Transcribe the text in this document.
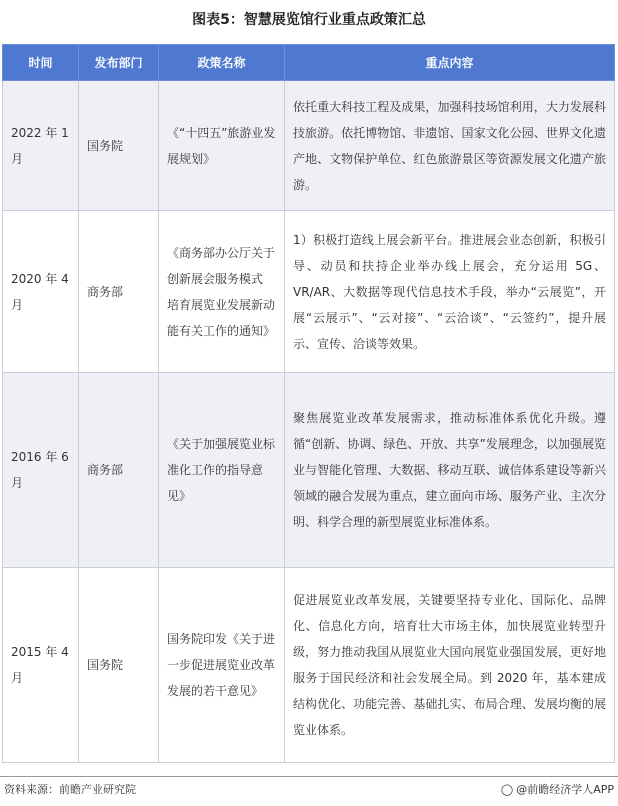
图表5：智慧展览馆行业重点政策汇总
时间	发布部门	政策名称	重点内容
2022 年 1 月	国务院	《“十四五”旅游业发展规划》	依托重大科技工程及成果，加强科技场馆利用，大力发展科技旅游。依托博物馆、非遗馆、国家文化公园、世界文化遗产地、文物保护单位、红色旅游景区等资源发展文化遗产旅游。
2020 年 4 月	商务部	《商务部办公厅关于创新展会服务模式 培育展览业发展新动能有关工作的通知》	1）积极打造线上展会新平台。推进展会业态创新，积极引导、动员和扶持企业举办线上展会，充分运用 5G、VR/AR、大数据等现代信息技术手段，举办“云展览”，开展“云展示”、“云对接”、“云洽谈”、“云签约”，提升展示、宣传、洽谈等效果。
2016 年 6 月	商务部	《关于加强展览业标准化工作的指导意见》	聚焦展览业改革发展需求，推动标准体系优化升级。遵循“创新、协调、绿色、开放、共享”发展理念，以加强展览业与智能化管理、大数据、移动互联、诚信体系建设等新兴领域的融合发展为重点，建立面向市场、服务产业、主次分明、科学合理的新型展览业标准体系。
2015 年 4 月	国务院	国务院印发《关于进一步促进展览业改革发展的若干意见》	促进展览业改革发展，关键要坚持专业化、国际化、品牌化、信息化方向，培育壮大市场主体，加快展览业转型升级，努力推动我国从展览业大国向展览业强国发展，更好地服务于国民经济和社会发展全局。到 2020 年，基本建成结构优化、功能完善、基础扎实、布局合理、发展均衡的展览业体系。
资料来源：前瞻产业研究院	◯ @前瞻经济学人APP
